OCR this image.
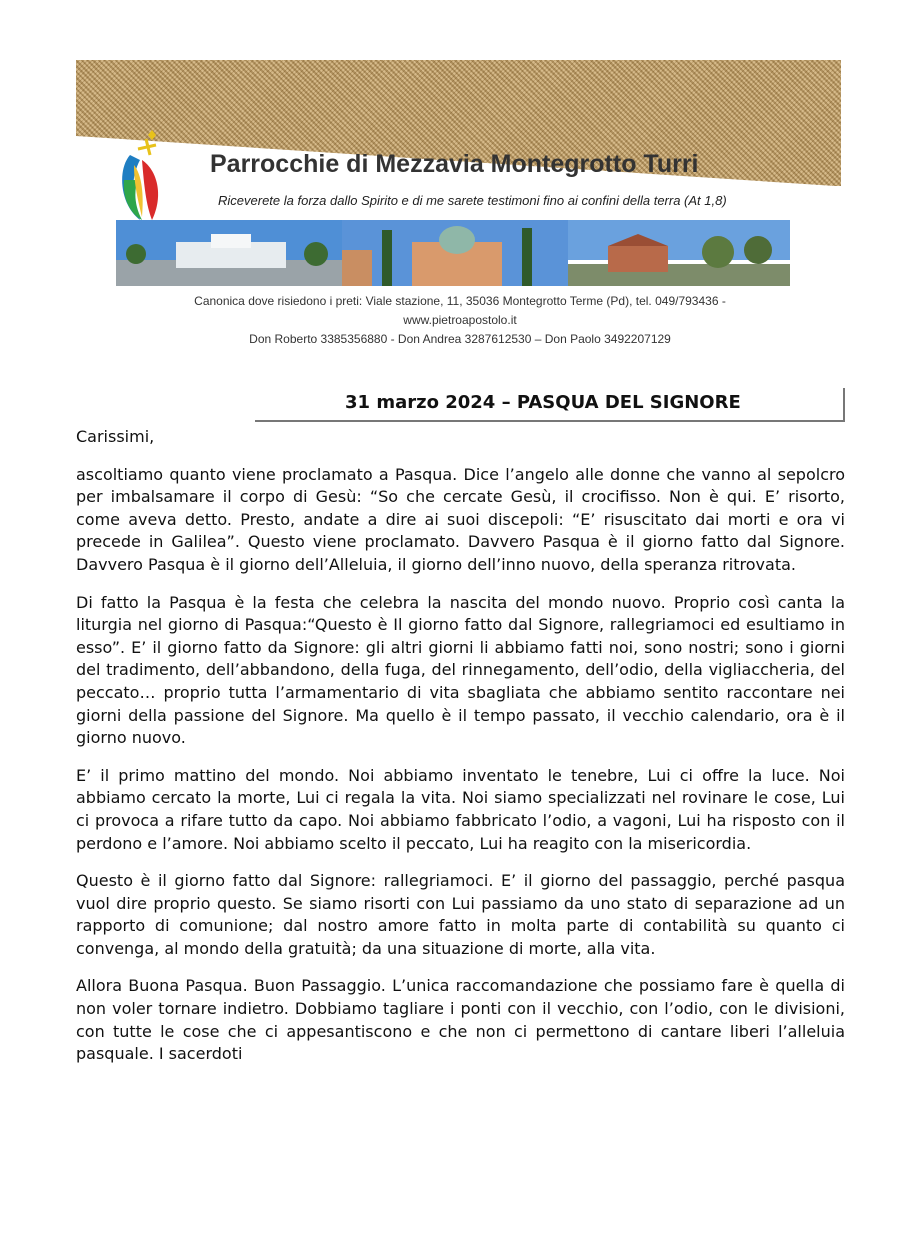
Parrocchie di Mezzavia Montegrotto Turri
Riceverete la forza dallo Spirito e di me sarete testimoni fino ai confini della terra (At 1,8)
Canonica dove risiedono i preti: Viale stazione, 11, 35036 Montegrotto Terme (Pd), tel. 049/793436 -
www.pietroapostolo.it
Don Roberto 3385356880 - Don Andrea 3287612530 – Don Paolo 3492207129
31 marzo 2024 – PASQUA DEL SIGNORE

Carissimi,

ascoltiamo quanto viene proclamato a Pasqua. Dice l’angelo alle donne che vanno al sepolcro per imbalsamare il corpo di Gesù: “So che cercate Gesù, il crocifisso. Non è qui. E’ risorto, come aveva detto. Presto, andate a dire ai suoi discepoli: “E’ risuscitato dai morti e ora vi precede in Galilea”. Questo viene proclamato. Davvero Pasqua è il giorno fatto dal Signore. Davvero Pasqua è il giorno dell’Alleluia, il giorno dell’inno nuovo, della speranza ritrovata.

Di fatto la Pasqua è la festa che celebra la nascita del mondo nuovo. Proprio così canta la liturgia nel giorno di Pasqua:“Questo è Il giorno fatto dal Signore, rallegriamoci ed esultiamo in esso”. E’ il giorno fatto da Signore: gli altri giorni li abbiamo fatti noi, sono nostri; sono i giorni del tradimento, dell’abbandono, della fuga, del rinnegamento, dell’odio, della vigliaccheria, del peccato… proprio tutta l’armamentario di vita sbagliata che abbiamo sentito raccontare nei giorni della passione del Signore. Ma quello è il tempo passato, il vecchio calendario, ora è il giorno nuovo.

E’ il primo mattino del mondo. Noi abbiamo inventato le tenebre, Lui ci offre la luce. Noi abbiamo cercato la morte, Lui ci regala la vita. Noi siamo specializzati nel rovinare le cose, Lui ci provoca a rifare tutto da capo. Noi abbiamo fabbricato l’odio, a vagoni, Lui ha risposto con il perdono e l’amore. Noi abbiamo scelto il peccato, Lui ha reagito con la misericordia.

Questo è il giorno fatto dal Signore: rallegriamoci. E’ il giorno del passaggio, perché pasqua vuol dire proprio questo. Se siamo risorti con Lui passiamo da uno stato di separazione ad un rapporto di comunione; dal nostro amore fatto in molta parte di contabilità su quanto ci convenga, al mondo della gratuità; da una situazione di morte, alla vita.

Allora Buona Pasqua. Buon Passaggio. L’unica raccomandazione che possiamo fare è quella di non voler tornare indietro. Dobbiamo tagliare i ponti con il vecchio, con l’odio, con le divisioni, con tutte le cose che ci appesantiscono e che non ci permettono di cantare liberi l’alleluia pasquale. I sacerdoti
